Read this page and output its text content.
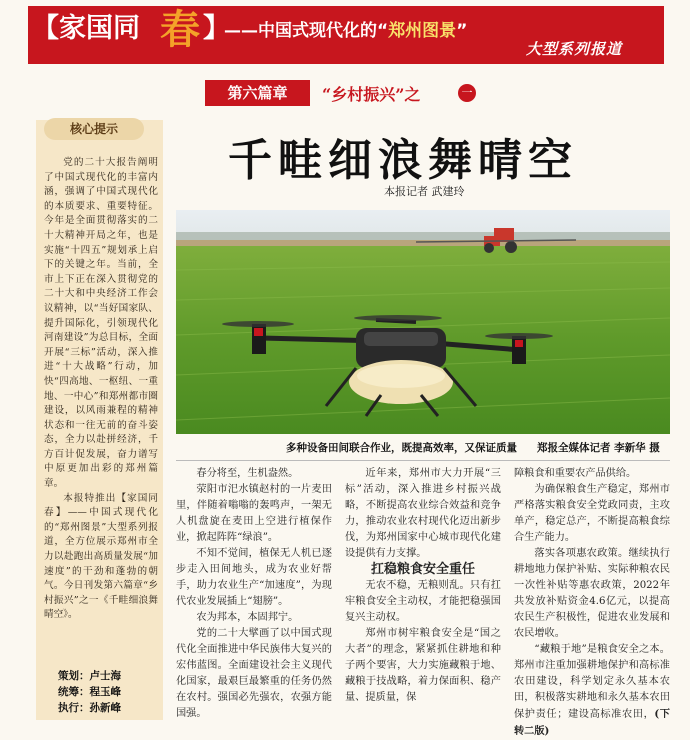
【家国同 春 】
——中国式现代化的“郑州图景”
大型系列报道
第六篇章	“乡村振兴”之	一
核心提示

党的二十大报告阐明了中国式现代化的丰富内涵，强调了中国式现代化的本质要求、重要特征。今年是全面贯彻落实的二十大精神开局之年，也是实施“十四五”规划承上启下的关键之年。当前，全市上下正在深入贯彻党的二十大和中央经济工作会议精神，以“当好国家队、提升国际化，引领现代化河南建设”为总目标，全面开展“三标”活动，深入推进“十大战略”行动，加快“四高地、一枢纽、一重地、一中心”和郑州都市圈建设，以风雨兼程的精神状态和一往无前的奋斗姿态，全力以赴拼经济，千方百计促发展，奋力谱写中原更加出彩的郑州篇章。

本报特推出【家国同春】——中国式现代化的“郑州图景”大型系列报道，全方位展示郑州市全力以赴跑出高质量发展“加速度”的干劲和蓬勃的朝气。今日刊发第六篇章“乡村振兴”之一《千畦细浪舞晴空》。

策划：卢士海
统筹：程玉峰
执行：孙新峰
千畦细浪舞晴空
本报记者 武建玲
多种设备田间联合作业，既提高效率，又保证质量 郑报全媒体记者 李新华 摄

春分将至，生机盎然。

荥阳市汜水镇赵村的一片麦田里，伴随着嗡嗡的轰鸣声，一架无人机盘旋在麦田上空进行植保作业，掀起阵阵“绿浪”。

不知不觉间，植保无人机已逐步走入田间地头，成为农业好帮手，助力农业生产“加速度”，为现代农业发展插上“翅膀”。

农为邦本，本固邦宁。

党的二十大擘画了以中国式现代化全面推进中华民族伟大复兴的宏伟蓝图。全面建设社会主义现代化国家，最艰巨最繁重的任务仍然在农村。强国必先强农，农强方能国强。

近年来，郑州市大力开展“三标”活动，深入推进乡村振兴战略，不断提高农业综合效益和竞争力，推动农业农村现代化迈出新步伐，为郑州国家中心城市现代化建设提供有力支撑。

扛稳粮食安全重任

无农不稳，无粮则乱。只有扛牢粮食安全主动权，才能把稳强国复兴主动权。

郑州市树牢粮食安全是“国之大者”的理念，紧紧抓住耕地和种子两个要害，大力实施藏粮于地、藏粮于技战略，着力保面积、稳产量、提质量，保

障粮食和重要农产品供给。

为确保粮食生产稳定，郑州市严格落实粮食安全党政同责，主攻单产，稳定总产，不断提高粮食综合生产能力。

落实各项惠农政策。继续执行耕地地力保护补贴、实际种粮农民一次性补贴等惠农政策，2022年共发放补贴资金4.6亿元，以提高农民生产积极性，促进农业发展和农民增收。

“藏粮于地”是粮食安全之本。郑州市注重加强耕地保护和高标准农田建设，科学划定永久基本农田，积极落实耕地和永久基本农田保护责任；建设高标准农田，(下转二版)
